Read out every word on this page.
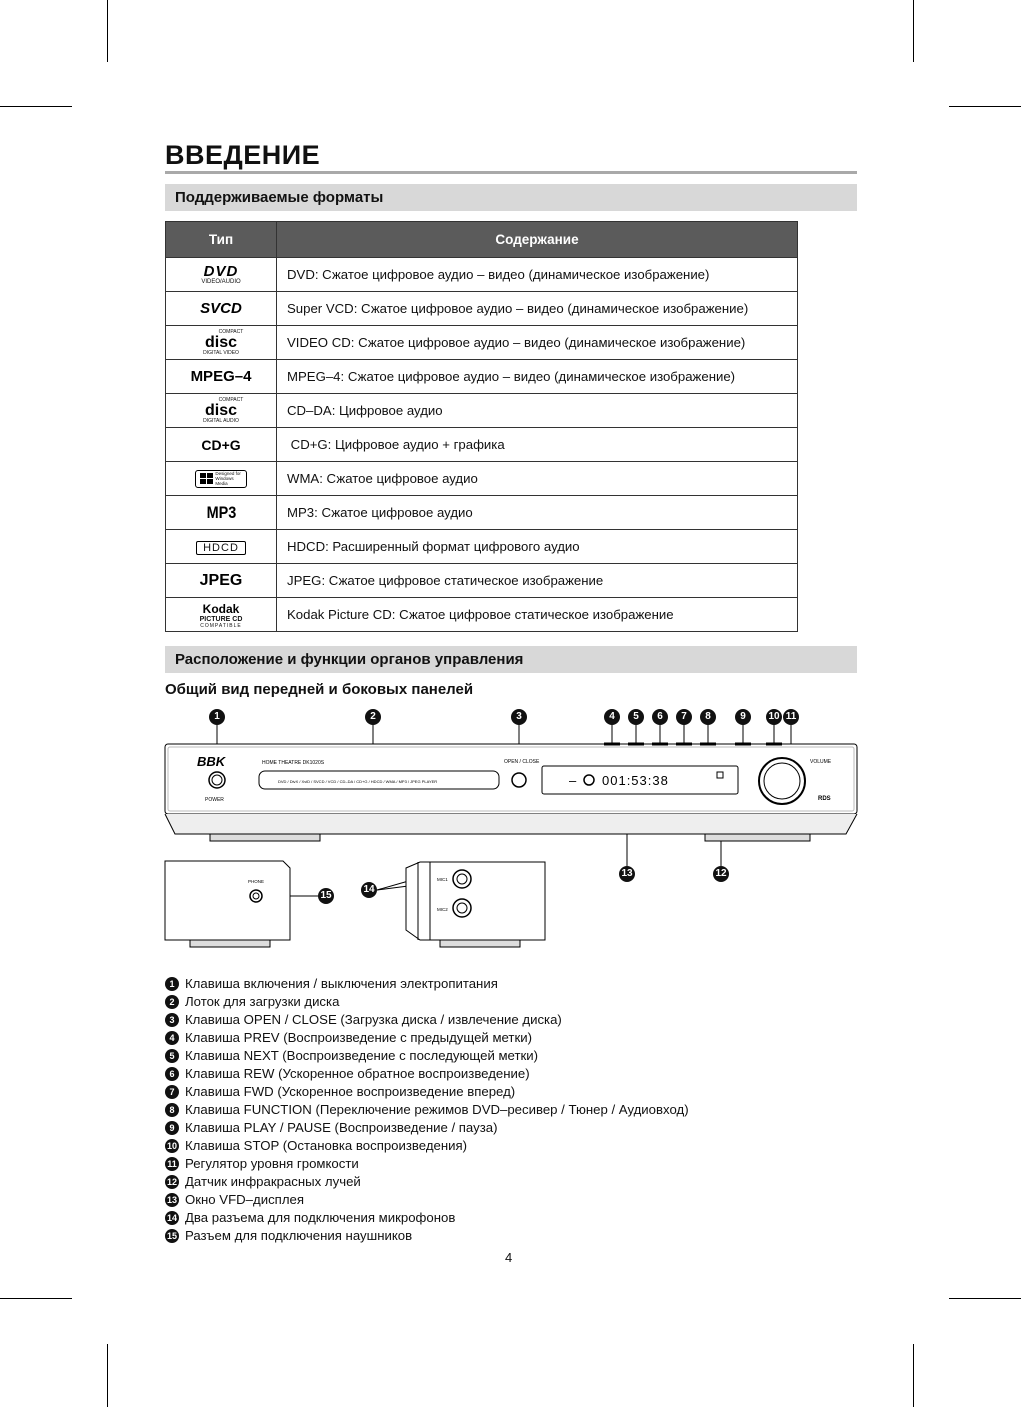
ВВЕДЕНИЕ
Поддерживаемые форматы
Тип	Содержание
DVD
VIDEO/AUDIO	DVD: Сжатое цифровое аудио – видео (динамическое изображение)
SVCD	Super VCD: Сжатое цифровое аудио – видео (динамическое изображение)

COMPACT
disc
DIGITAL VIDEO	VIDEO CD: Сжатое цифровое аудио – видео (динамическое изображение)
MPEG–4	MPEG–4: Сжатое цифровое аудио – видео (динамическое изображение)

COMPACT
disc
DIGITAL AUDIO	CD–DA: Цифровое аудио
CD+G	CD+G: Цифровое аудио + графика

Designed for Windows Media	WMA: Сжатое цифровое аудио
MP3	MP3: Сжатое цифровое аудио
HDCD	HDCD: Расширенный формат цифрового аудио
JPEG	JPEG: Сжатое цифровое статическое изображение
Kodak
PICTURE CD
COMPATIBLE	Kodak Picture CD: Сжатое цифровое статическое изображение
Расположение и функции органов управления
Общий вид передней и боковых панелей
BBK	HOME THEATRE DK1020S
POWER
DVD / DivX / XviD / SVCD / VCD / CD–DA / CD+G / HDCD / WMA / MP3 / JPEG PLAYER
OPEN / CLOSE
001:53:38
–
VOLUME
RDS
PHONE	MIC1
MIC2
1	2	3	4	5	6	7	8	9	10 11
12
13
14
15
1 Клавиша включения / выключения электропитания
2 Лоток для загрузки диска
3 Клавиша OPEN / CLOSE (Загрузка диска / извлечение диска)
4 Клавиша PREV (Воспроизведение с предыдущей метки)
5 Клавиша NEXT (Воспроизведение с последующей метки)
6 Клавиша REW (Ускоренное обратное воспроизведение)
7 Клавиша FWD (Ускоренное воспроизведение вперед)
8 Клавиша FUNCTION (Переключение режимов DVD–ресивер / Тюнер / Аудиовход)
9 Клавиша PLAY / PAUSE (Воспроизведение / пауза)
10 Клавиша STOP (Остановка воспроизведения)
11 Регулятор уровня громкости
12 Датчик инфракрасных лучей
13 Окно VFD–дисплея
14 Два разъема для подключения микрофонов
15 Разъем для подключения наушников
4
